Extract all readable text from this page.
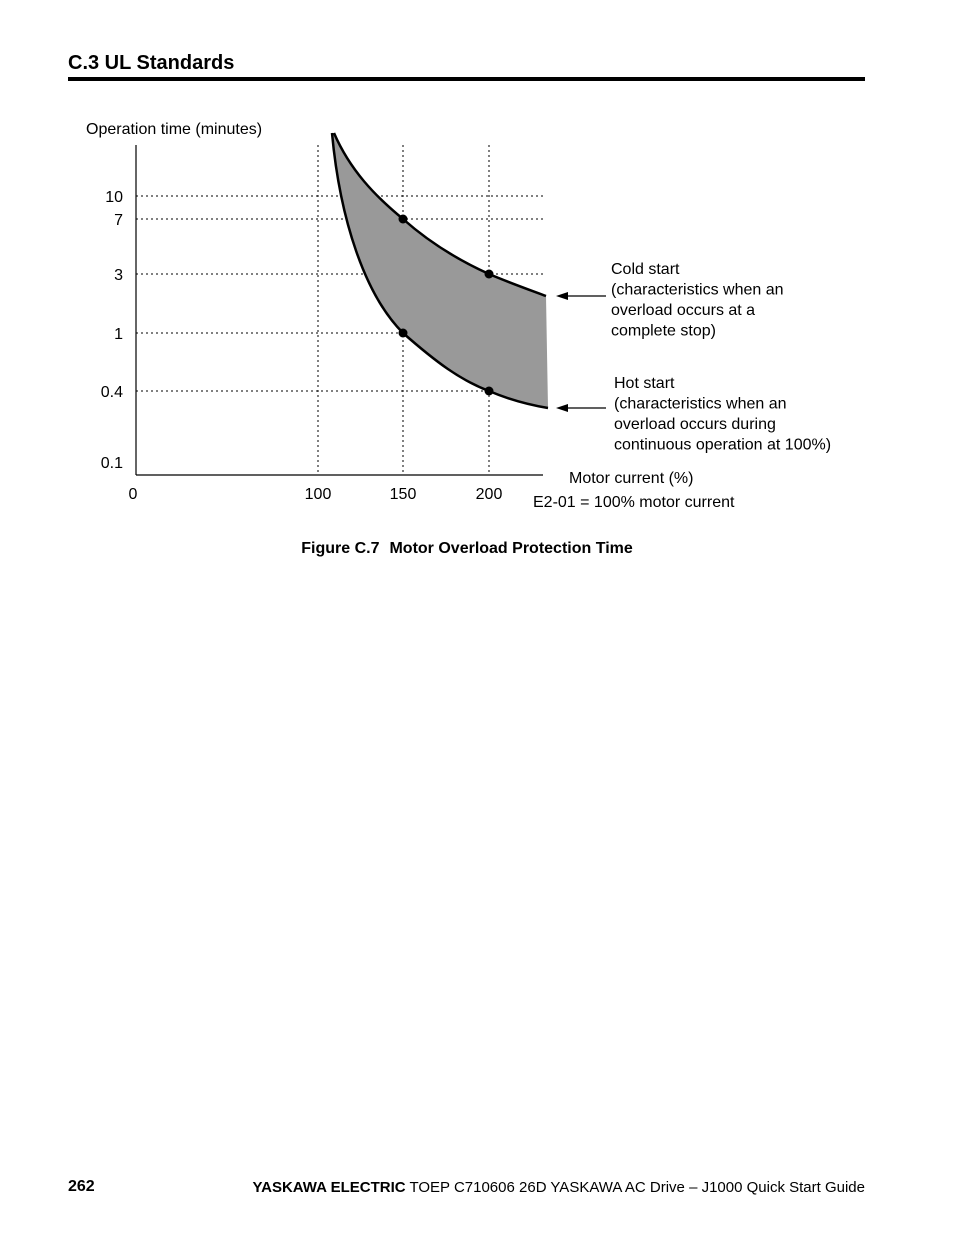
C.3 UL Standards
10
7
3
1
0.4
0.1
0	100	150	200
Operation time (minutes)
Motor current (%)
E2-01 = 100% motor current
Cold start
(characteristics when an
overload occurs at a
complete stop)
Hot start
(characteristics when an
overload occurs during
continuous operation at 100%)
Figure C.7 Motor Overload Protection Time
262	YASKAWA ELECTRIC TOEP C710606 26D YASKAWA AC Drive – J1000 Quick Start Guide
